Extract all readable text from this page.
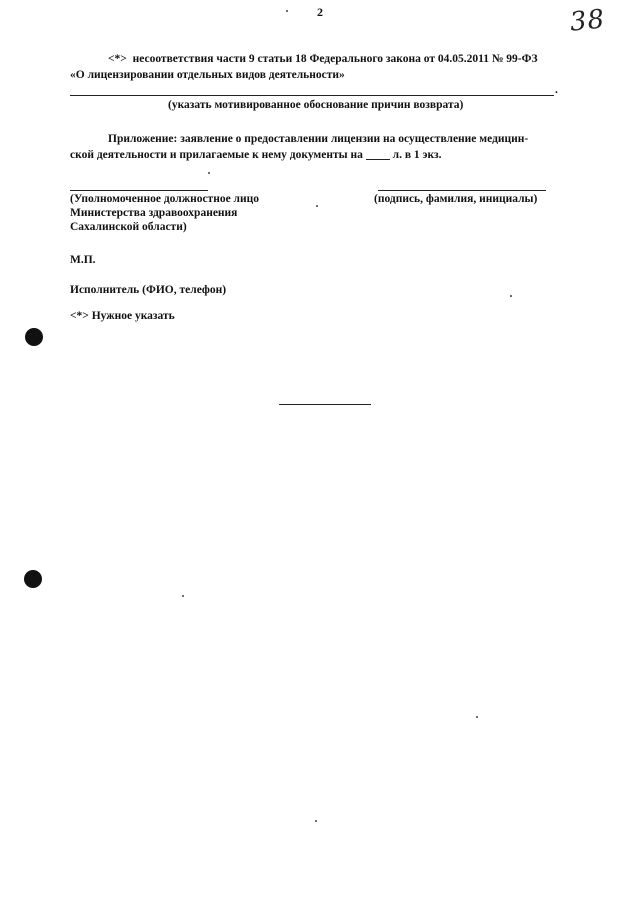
38
2
<*> несоответствия части 9 статьи 18 Федерального закона от 04.05.2011 № 99-ФЗ
«О лицензировании отдельных видов деятельности»
.
(указать мотивированное обоснование причин возврата)
Приложение: заявление о предоставлении лицензии на осуществление медицин-
ской деятельности и прилагаемые к нему документы на	л. в 1 экз.
(Уполномоченное должностное лицо
Министерства здравоохранения
Сахалинской области)
(подпись, фамилия, инициалы)
М.П.
Исполнитель (ФИО, телефон)
<*> Нужное указать
